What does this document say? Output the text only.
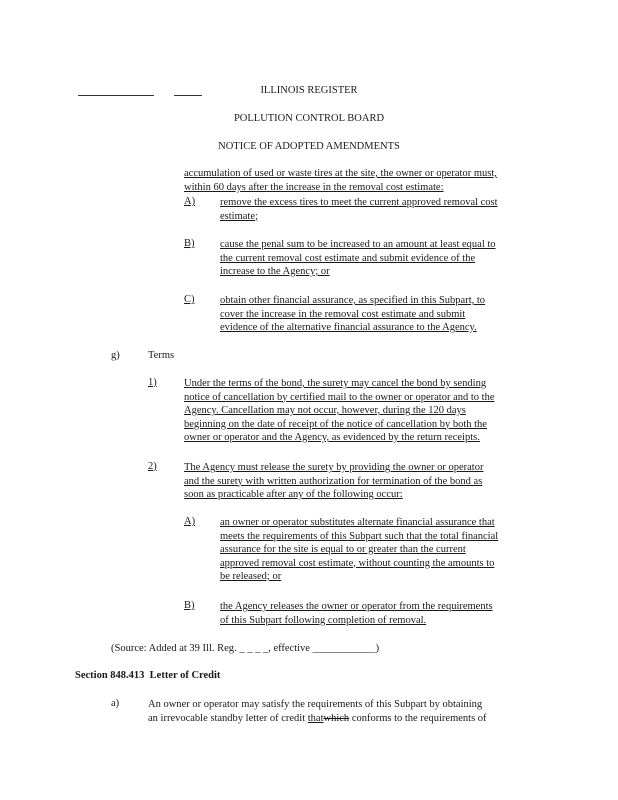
ILLINOIS REGISTER
POLLUTION CONTROL BOARD
NOTICE OF ADOPTED AMENDMENTS
accumulation of used or waste tires at the site, the owner or operator must,
within 60 days after the increase in the removal cost estimate:
A) remove the excess tires to meet the current approved removal cost
estimate;
B) cause the penal sum to be increased to an amount at least equal to
the current removal cost estimate and submit evidence of the
increase to the Agency; or
C) obtain other financial assurance, as specified in this Subpart, to
cover the increase in the removal cost estimate and submit
evidence of the alternative financial assurance to the Agency.
g)	Terms
1)	Under the terms of the bond, the surety may cancel the bond by sending
notice of cancellation by certified mail to the owner or operator and to the
Agency. Cancellation may not occur, however, during the 120 days
beginning on the date of receipt of the notice of cancellation by both the
owner or operator and the Agency, as evidenced by the return receipts.
2)	The Agency must release the surety by providing the owner or operator
and the surety with written authorization for termination of the bond as
soon as practicable after any of the following occur:
A) an owner or operator substitutes alternate financial assurance that
meets the requirements of this Subpart such that the total financial
assurance for the site is equal to or greater than the current
approved removal cost estimate, without counting the amounts to
be released; or
B) the Agency releases the owner or operator from the requirements
of this Subpart following completion of removal.
(Source: Added at 39 Ill. Reg. _ _ _ _, effective ____________)
Section 848.413 Letter of Credit
a)	An owner or operator may satisfy the requirements of this Subpart by obtaining
an irrevocable standby letter of credit thatwhich conforms to the requirements of
